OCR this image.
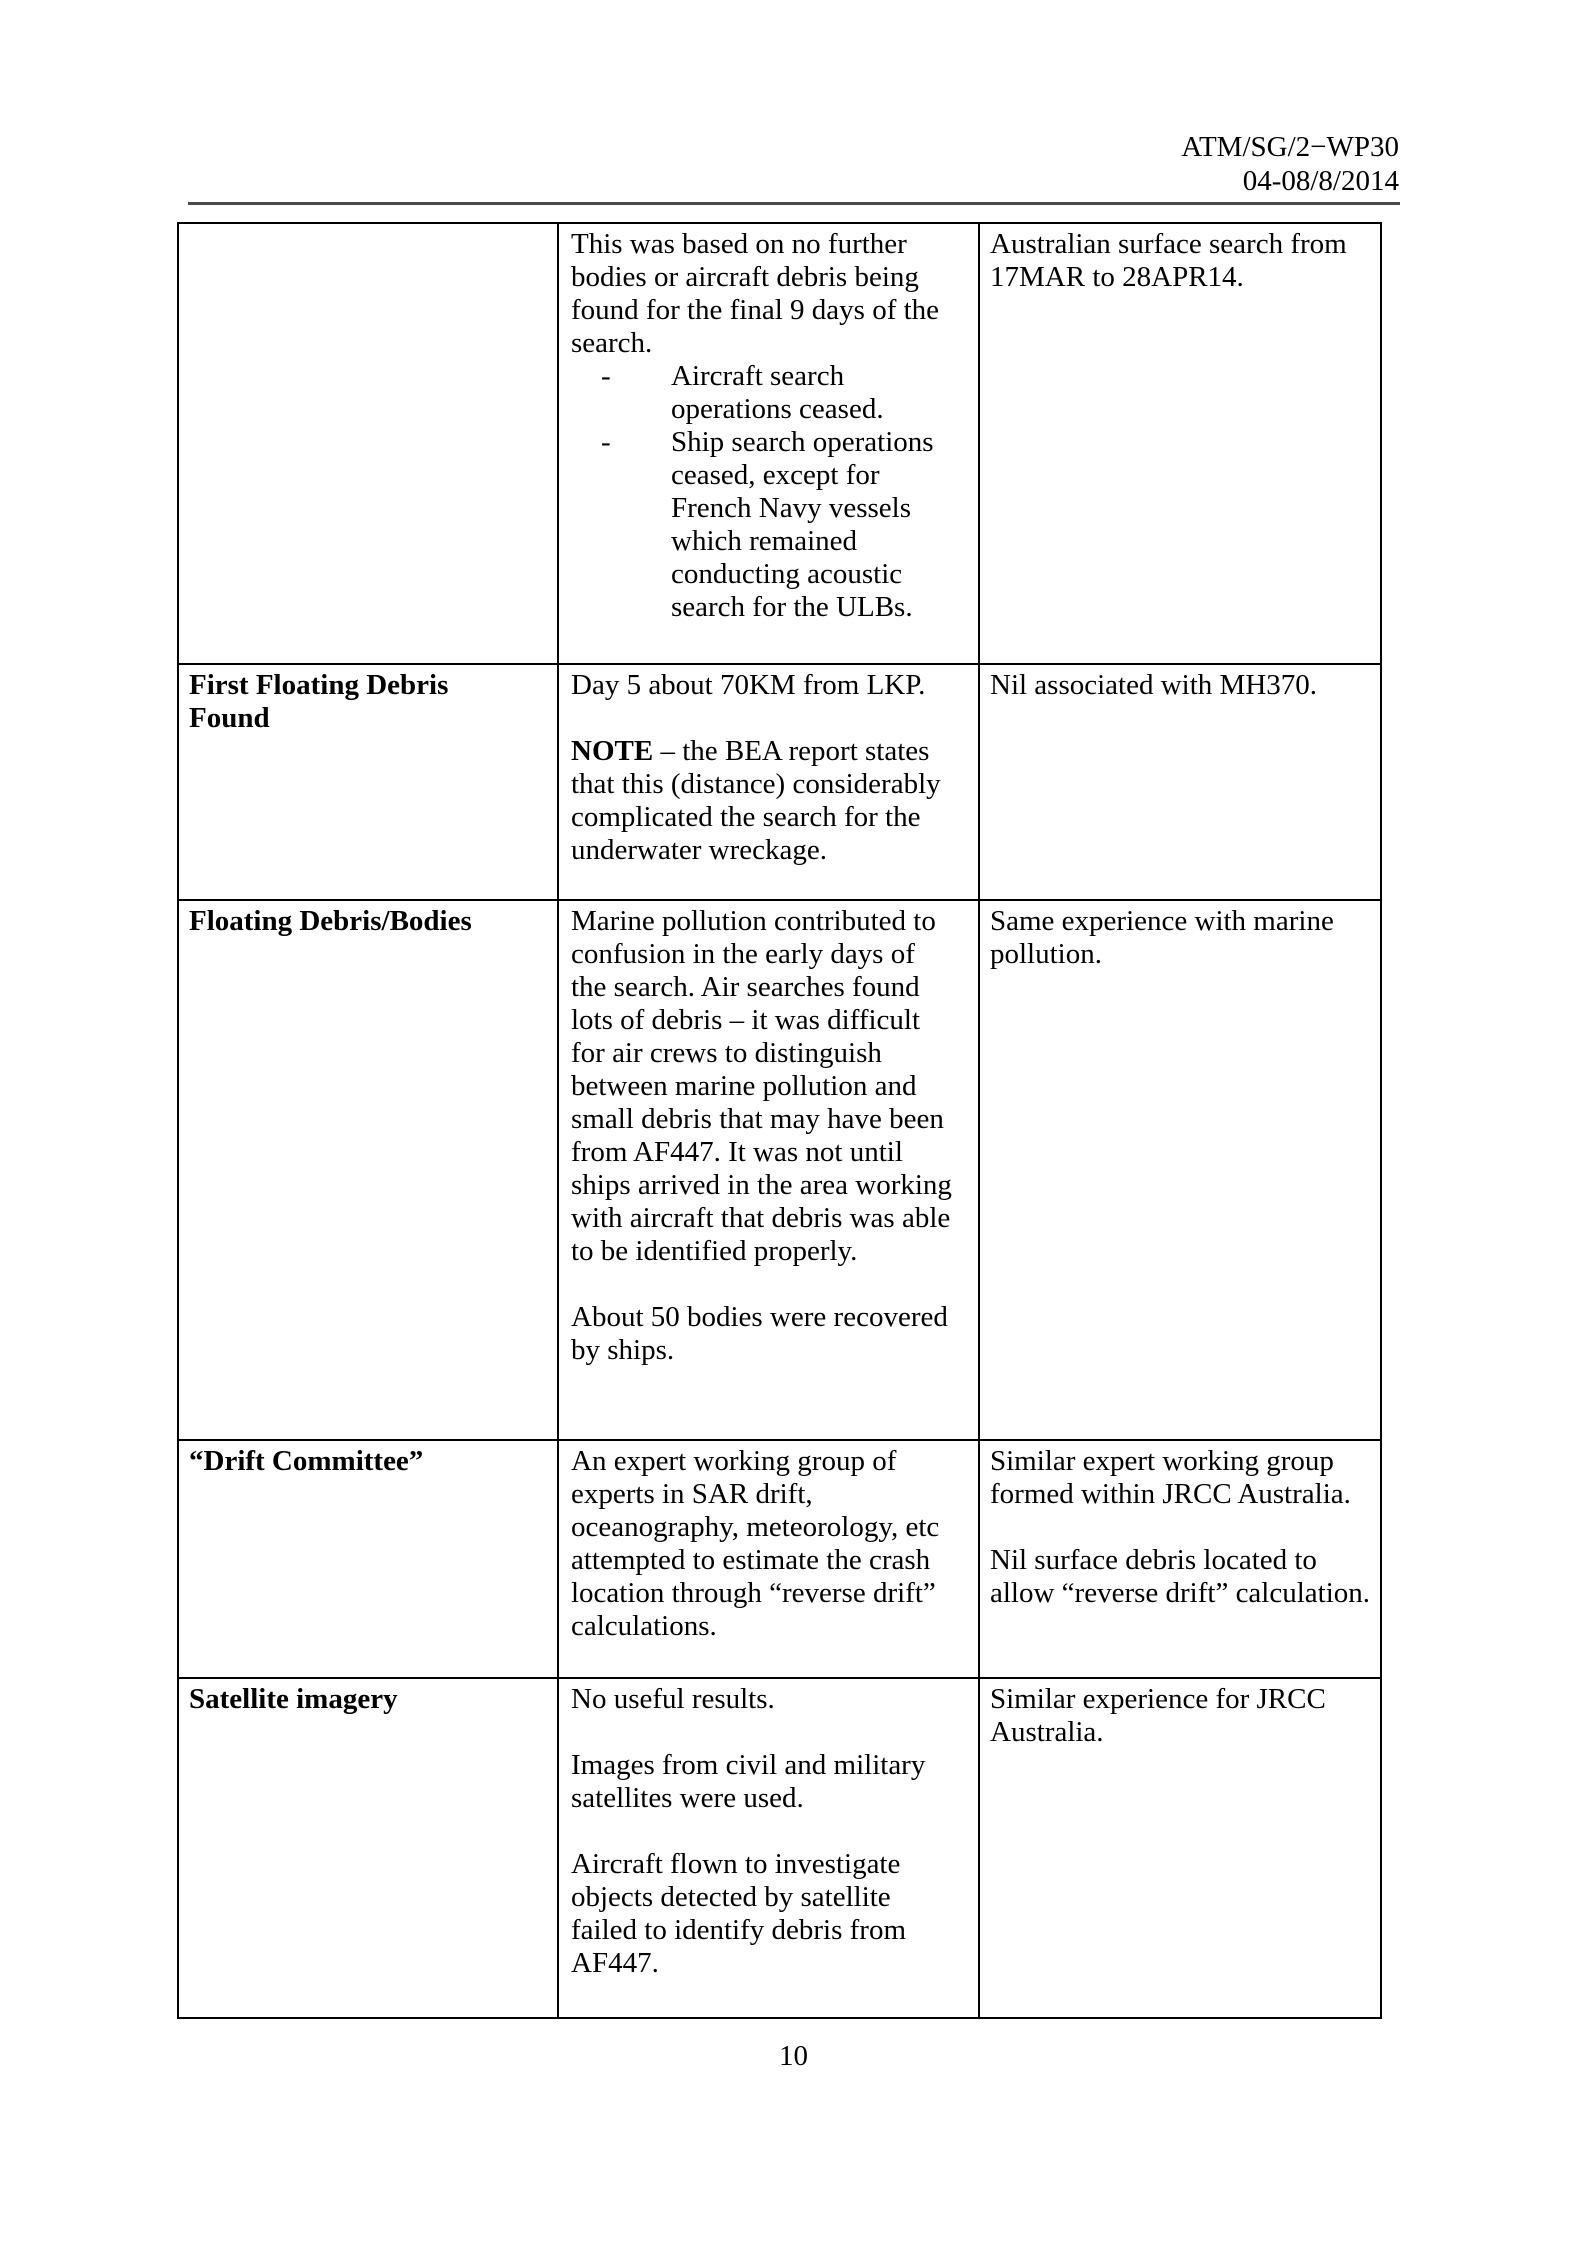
ATM/SG/2−WP30
04-08/8/2014

	This was based on no further bodies or aircraft debris being found for the final 9 days of the search.

- Aircraft search operations ceased.
- Ship search operations ceased, except for French Navy vessels which remained conducting acoustic search for the ULBs.	Australian surface search from 17MAR to 28APR14.

First Floating Debris Found	Day 5 about 70KM from LKP.

NOTE – the BEA report states that this (distance) considerably complicated the search for the underwater wreckage.	Nil associated with MH370.

Floating Debris/Bodies	Marine pollution contributed to confusion in the early days of the search. Air searches found lots of debris – it was difficult for air crews to distinguish between marine pollution and small debris that may have been from AF447. It was not until ships arrived in the area working with aircraft that debris was able to be identified properly.

About 50 bodies were recovered by ships.	Same experience with marine pollution.

“Drift Committee”	An expert working group of experts in SAR drift, oceanography, meteorology, etc attempted to estimate the crash location through “reverse drift” calculations.	Similar expert working group formed within JRCC Australia.

Nil surface debris located to allow “reverse drift” calculation.

Satellite imagery	No useful results.

Images from civil and military satellites were used.

Aircraft flown to investigate objects detected by satellite failed to identify debris from AF447.	Similar experience for JRCC Australia.

10
